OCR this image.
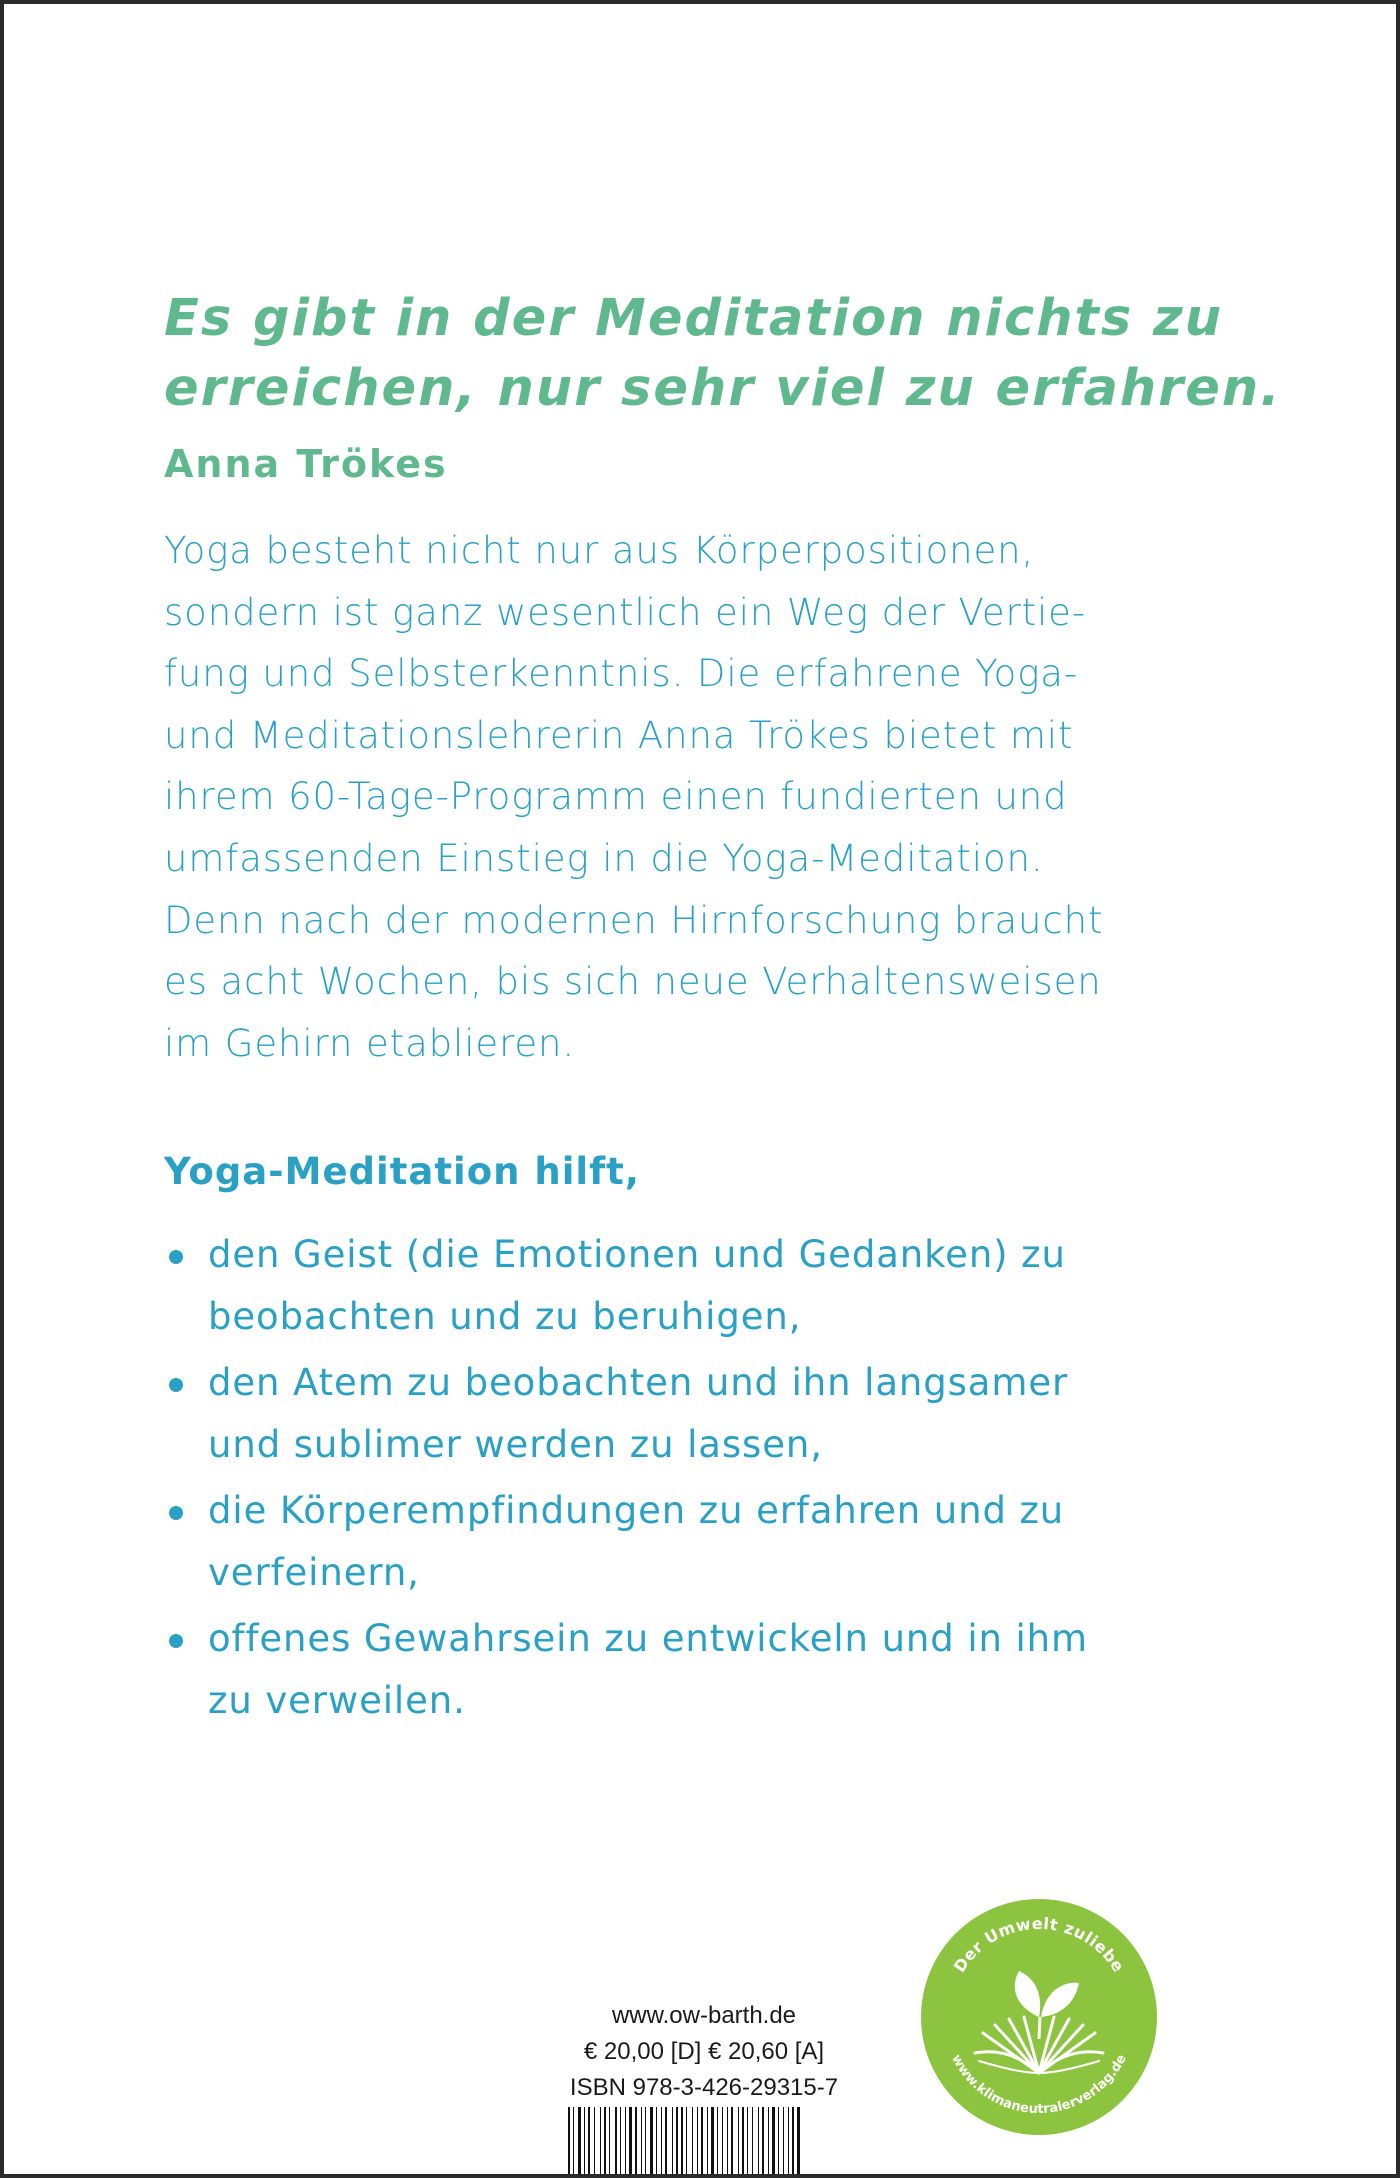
Es gibt in der Meditation nichts zu
erreichen, nur sehr viel zu erfahren.

Anna Trökes

Yoga besteht nicht nur aus Körperpositionen,
sondern ist ganz wesentlich ein Weg der Vertie-
fung und Selbsterkenntnis. Die erfahrene Yoga-
und Meditationslehrerin Anna Trökes bietet mit
ihrem 60-Tage-Programm einen fundierten und
umfassenden Einstieg in die Yoga-Meditation.
Denn nach der modernen Hirnforschung braucht
es acht Wochen, bis sich neue Verhaltensweisen
im Gehirn etablieren.

Yoga-Meditation hilft,

den Geist (die Emotionen und Gedanken) zu
beobachten und zu beruhigen,
den Atem zu beobachten und ihn langsamer
und sublimer werden zu lassen,
die Körperempfindungen zu erfahren und zu
verfeinern,
offenes Gewahrsein zu entwickeln und in ihm
zu verweilen.
www.ow-barth.de
€ 20,00 [D] € 20,60 [A]
ISBN 978-3-426-29315-7
Der Umwelt zuliebe
www.klimaneutralerverlag.de
